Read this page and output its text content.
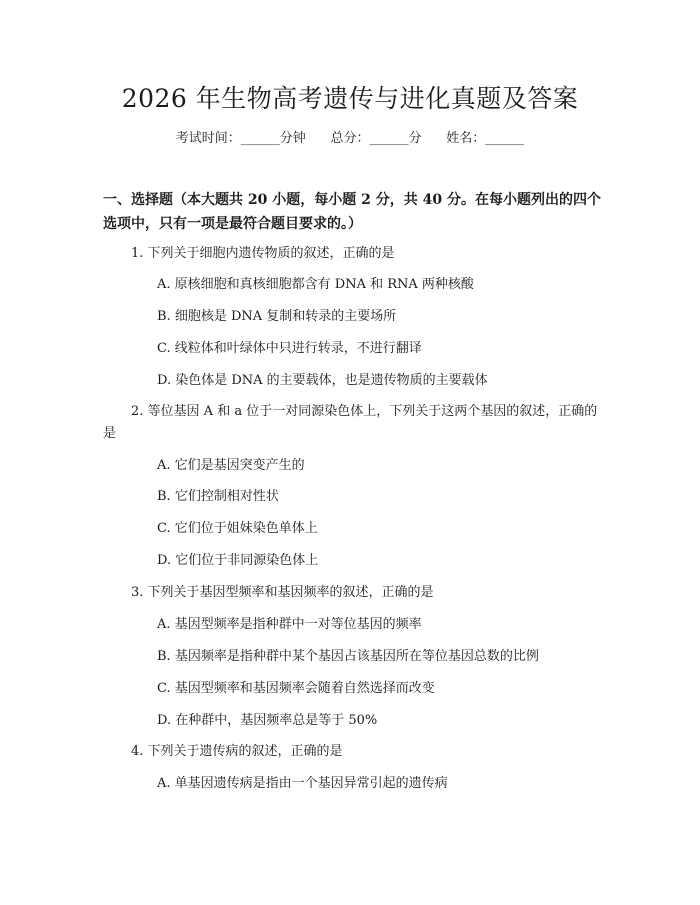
2026 年生物高考遗传与进化真题及答案
考试时间：______分钟      总分：______分      姓名：______
一、选择题（本大题共 20 小题，每小题 2 分，共 40 分。在每小题列出的四个选项中，只有一项是最符合题目要求的。）
1. 下列关于细胞内遗传物质的叙述，正确的是
A. 原核细胞和真核细胞都含有 DNA 和 RNA 两种核酸
B. 细胞核是 DNA 复制和转录的主要场所
C. 线粒体和叶绿体中只进行转录，不进行翻译
D. 染色体是 DNA 的主要载体，也是遗传物质的主要载体
2. 等位基因 A 和 a 位于一对同源染色体上，下列关于这两个基因的叙述，正确的是
A. 它们是基因突变产生的
B. 它们控制相对性状
C. 它们位于姐妹染色单体上
D. 它们位于非同源染色体上
3. 下列关于基因型频率和基因频率的叙述，正确的是
A. 基因型频率是指种群中一对等位基因的频率
B. 基因频率是指种群中某个基因占该基因所在等位基因总数的比例
C. 基因型频率和基因频率会随着自然选择而改变
D. 在种群中，基因频率总是等于 50%
4. 下列关于遗传病的叙述，正确的是
A. 单基因遗传病是指由一个基因异常引起的遗传病
